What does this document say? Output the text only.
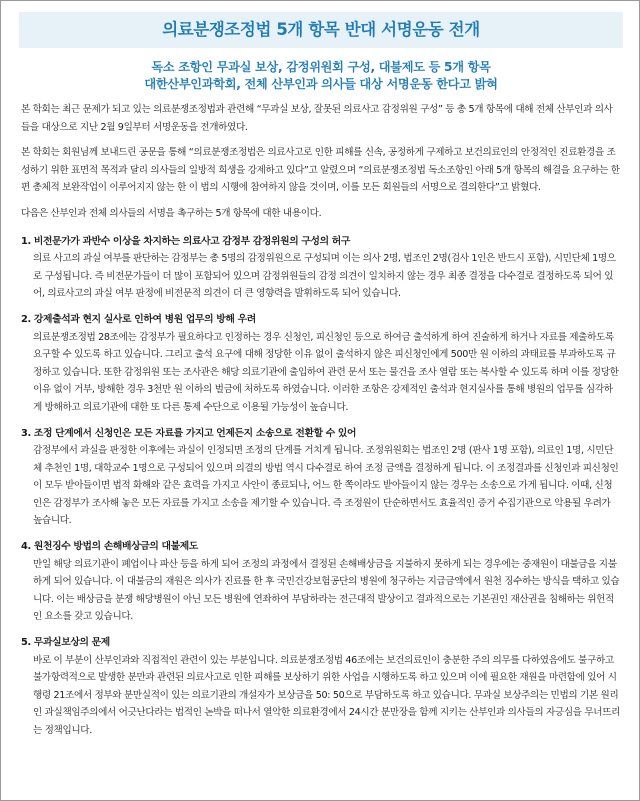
의료분쟁조정법 5개 항목 반대 서명운동 전개
독소 조항인 무과실 보상, 감정위원회 구성, 대불제도 등 5개 항목
대한산부인과학회, 전체 산부인과 의사들 대상 서명운동 한다고 밝혀

본 학회는 최근 문제가 되고 있는 의료분쟁조정법과 관련해 “무과실 보상, 잘못된 의료사고 감정위원 구성” 등 총 5개 항목에 대해 전체 산부인과 의사들을 대상으로 지난 2월 9일부터 서명운동을 전개하였다.

본 학회는 회원님께 보내드린 공문을 통해 “의료분쟁조정법은 의료사고로 인한 피해를 신속, 공정하게 구제하고 보건의료인의 안정적인 진료환경을 조성하기 위한 표면적 목적과 달리 의사들의 일방적 희생을 강제하고 있다”고 알렸으며 “의료분쟁조정법 독소조항인 아래 5개 항목의 해결을 요구하는 한편 총체적 보완작업이 이루어지지 않는 한 이 법의 시행에 참여하지 않을 것이며, 이를 모든 회원들의 서명으로 결의한다”고 밝혔다.

다음은 산부인과 전체 의사들의 서명을 촉구하는 5개 항목에 대한 내용이다.

1. 비전문가가 과반수 이상을 차지하는 의료사고 감정부 감정위원의 구성의 허구
의료 사고의 과실 여부를 판단하는 감정부는 총 5명의 감정위원으로 구성되며 이는 의사 2명, 법조인 2명(검사 1인은 반드시 포함), 시민단체 1명으로 구성됩니다. 즉 비전문가들이 더 많이 포함되어 있으며 감정위원들의 감정 의견이 일치하지 않는 경우 최종 결정을 다수결로 결정하도록 되어 있어, 의료사고의 과실 여부 판정에 비전문적 의견이 더 큰 영향력을 발휘하도록 되어 있습니다.
2. 강제출석과 현지 실사로 인하여 병원 업무의 방해 우려
의료분쟁조정법 28조에는 감정부가 필요하다고 인정하는 경우 신청인, 피신청인 등으로 하여금 출석하게 하여 진술하게 하거나 자료를 제출하도록 요구할 수 있도록 하고 있습니다. 그리고 출석 요구에 대해 정당한 이유 없이 출석하지 않은 피신청인에게 500만 원 이하의 과태료를 부과하도록 규정하고 있습니다. 또한 감정위원 또는 조사관은 해당 의료기관에 출입하여 관련 문서 또는 물건을 조사 열람 또는 복사할 수 있도록 하며 이를 정당한 이유 없이 거부, 방해한 경우 3천만 원 이하의 벌금에 처하도록 하였습니다. 이러한 조항은 강제적인 출석과 현지실사를 통해 병원의 업무를 심각하게 방해하고 의료기관에 대한 또 다른 통제 수단으로 이용될 가능성이 높습니다.
3. 조정 단계에서 신청인은 모든 자료를 가지고 언제든지 소송으로 전환할 수 있어
감정부에서 과실을 판정한 이후에는 과실이 인정되면 조정의 단계를 거치게 됩니다. 조정위원회는 법조인 2명 (판사 1명 포함), 의료인 1명, 시민단체 추천인 1명, 대학교수 1명으로 구성되어 있으며 의결의 방법 역시 다수결로 하여 조정 금액을 결정하게 됩니다. 이 조정결과를 신청인과 피신청인이 모두 받아들이면 법적 화해와 같은 효력을 가지고 사안이 종료되나, 어느 한 쪽이라도 받아들이지 않는 경우는 소송으로 가게 됩니다. 이때, 신청인은 감정부가 조사해 놓은 모든 자료를 가지고 소송을 제기할 수 있습니다. 즉 조정원이 단순하면서도 효율적인 증거 수집기관으로 악용될 우려가 높습니다.
4. 원천징수 방법의 손해배상금의 대불제도
만일 해당 의료기관이 폐업이나 파산 등을 하게 되어 조정의 과정에서 결정된 손해배상금을 지불하지 못하게 되는 경우에는 중재원이 대불금을 지불하게 되어 있습니다. 이 대불금의 재원은 의사가 진료를 한 후 국민건강보험공단의 병원에 청구하는 지급금액에서 원천 징수하는 방식을 택하고 있습니다. 이는 배상금을 분쟁 해당병원이 아닌 모든 병원에 연좌하여 부담하라는 전근대적 발상이고 결과적으로는 기본권인 재산권을 침해하는 위헌적인 요소를 갖고 있습니다.
5. 무과실보상의 문제
바로 이 부분이 산부인과와 직접적인 관련이 있는 부분입니다. 의료분쟁조정법 46조에는 보건의료인이 충분한 주의 의무를 다하였음에도 불구하고 불가항력적으로 발생한 분만과 관련된 의료사고로 인한 피해를 보상하기 위한 사업을 시행하도록 하고 있으며 이에 필요한 재원을 마련함에 있어 시행령 21조에서 정부와 분만실적이 있는 의료기관의 개설자가 보상금을 50: 50으로 부담하도록 하고 있습니다. 무과실 보상주의는 민법의 기본 원리인 과실책임주의에서 어긋난다라는 법적인 논박을 떠나서 열악한 의료환경에서 24시간 분만장을 함께 지키는 산부인과 의사들의 자긍심을 무너뜨리는 정책입니다.
